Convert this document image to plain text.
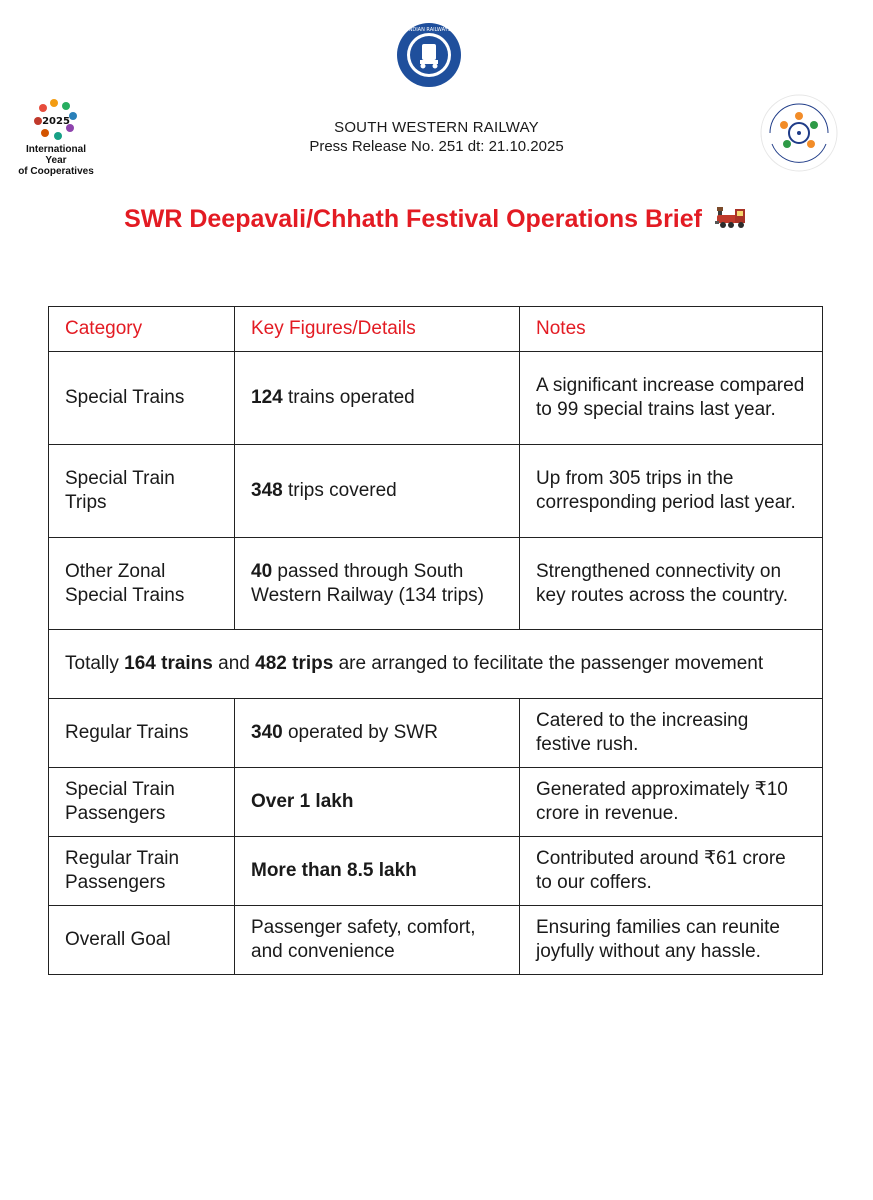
INDIAN RAILWAYS
2025
International Year
of Cooperatives
SOUTH WESTERN RAILWAY
Press Release No. 251 dt: 21.10.2025
SWR Deepavali/Chhath Festival Operations Brief
Category	Key Figures/Details	Notes
Special Trains	124 trains operated	A significant increase compared to 99 special trains last year.
Special Train Trips	348 trips covered	Up from 305 trips in the corresponding period last year.
Other Zonal Special Trains	40 passed through South Western Railway (134 trips)	Strengthened connectivity on key routes across the country.
Totally 164 trains and 482 trips are arranged to fecilitate the passenger movement		
Regular Trains	340 operated by SWR	Catered to the increasing festive rush.
Special Train Passengers	Over 1 lakh	Generated approximately ₹10 crore in revenue.
Regular Train Passengers	More than 8.5 lakh	Contributed around ₹61 crore to our coffers.
Overall Goal	Passenger safety, comfort, and convenience	Ensuring families can reunite joyfully without any hassle.
